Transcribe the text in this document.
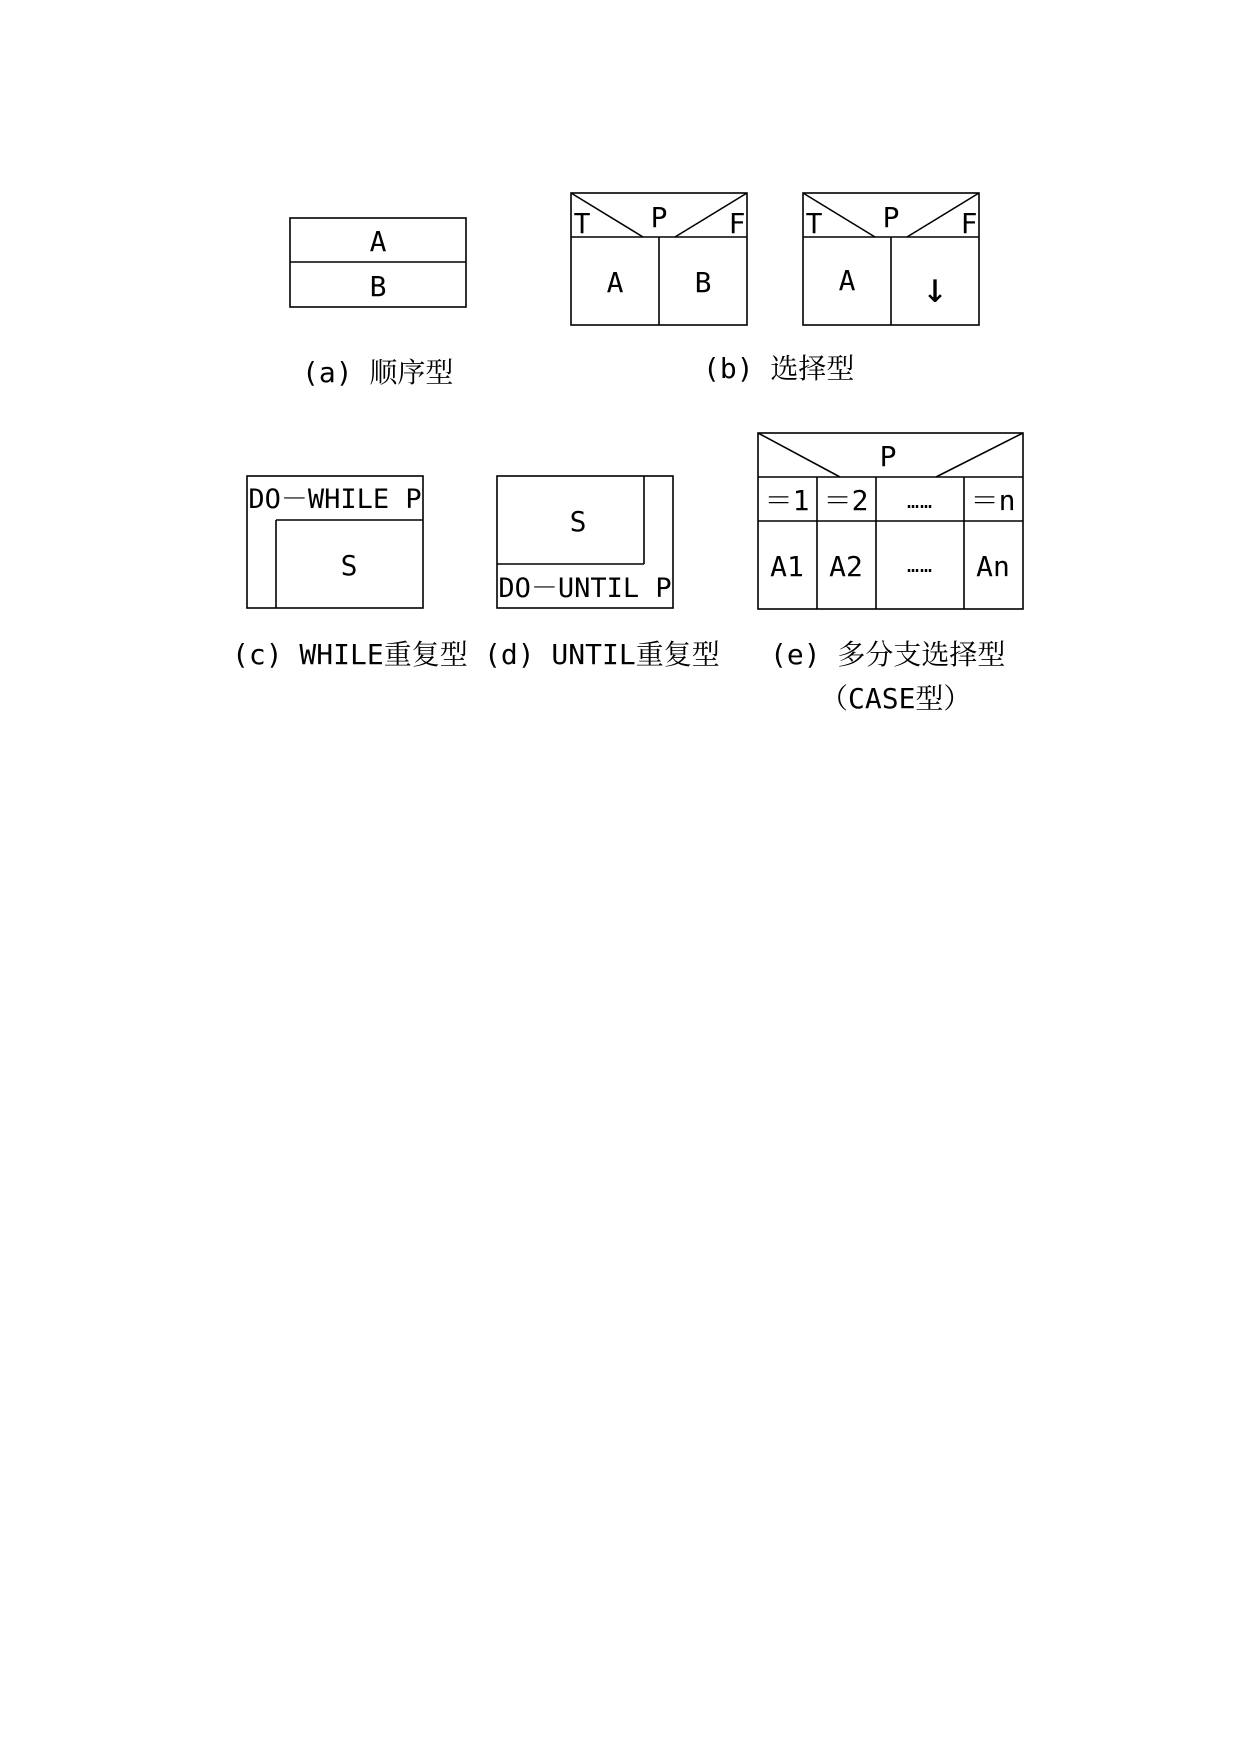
A
B
(a) 顺序型
T P F
A	B
T P F
A ↓
(b) 选择型
DO－WHILE P
S
(c) WHILE重复型
S
DO－UNTIL P
(d) UNTIL重复型
P
＝1 ＝2 …… ＝n
A1 A2 …… An
(e) 多分支选择型
（CASE型）
